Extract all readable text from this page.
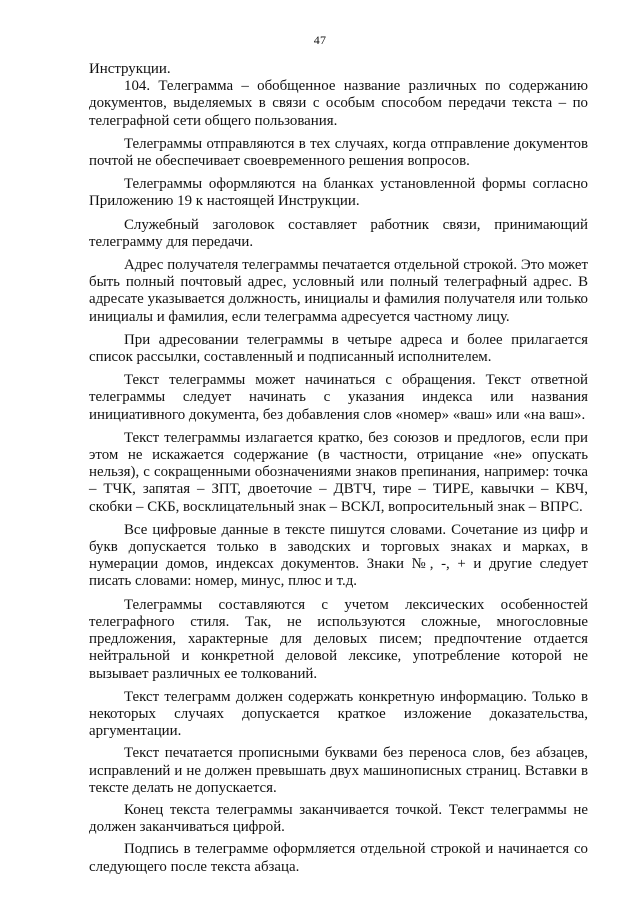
47

Инструкции.

104. Телеграмма – обобщенное название различных по содержанию документов, выделяемых в связи с особым способом передачи текста – по телеграфной сети общего пользования.

Телеграммы отправляются в тех случаях, когда отправление документов почтой не обеспечивает своевременного решения вопросов.

Телеграммы оформляются на бланках установленной формы согласно Приложению 19 к настоящей Инструкции.

Служебный заголовок составляет работник связи, принимающий телеграмму для передачи.

Адрес получателя телеграммы печатается отдельной строкой. Это может быть полный почтовый адрес, условный или полный телеграфный адрес. В адресате указывается должность, инициалы и фамилия получателя или только инициалы и фамилия, если телеграмма адресуется частному лицу.

При адресовании телеграммы в четыре адреса и более прилагается список рассылки, составленный и подписанный исполнителем.

Текст телеграммы может начинаться с обращения. Текст ответной телеграммы следует начинать с указания индекса или названия инициативного документа, без добавления слов «номер» «ваш» или «на ваш».

Текст телеграммы излагается кратко, без союзов и предлогов, если при этом не искажается содержание (в частности, отрицание «не» опускать нельзя), с сокращенными обозначениями знаков препинания, например: точка – ТЧК, запятая – ЗПТ, двоеточие – ДВТЧ, тире – ТИРЕ, кавычки – КВЧ, скобки – СКБ, восклицательный знак – ВСКЛ, вопросительный знак – ВПРС.

Все цифровые данные в тексте пишутся словами. Сочетание из цифр и букв допускается только в заводских и торговых знаках и марках, в нумерации домов, индексах документов. Знаки №, -, + и другие следует писать словами: номер, минус, плюс и т.д.

Телеграммы составляются с учетом лексических особенностей телеграфного стиля. Так, не используются сложные, многословные предложения, характерные для деловых писем; предпочтение отдается нейтральной и конкретной деловой лексике, употребление которой не вызывает различных ее толкований.

Текст телеграмм должен содержать конкретную информацию. Только в некоторых случаях допускается краткое изложение доказательства, аргументации.

Текст печатается прописными буквами без переноса слов, без абзацев, исправлений и не должен превышать двух машинописных страниц. Вставки в тексте делать не допускается.

Конец текста телеграммы заканчивается точкой. Текст телеграммы не должен заканчиваться цифрой.

Подпись в телеграмме оформляется отдельной строкой и начинается со следующего после текста абзаца.
